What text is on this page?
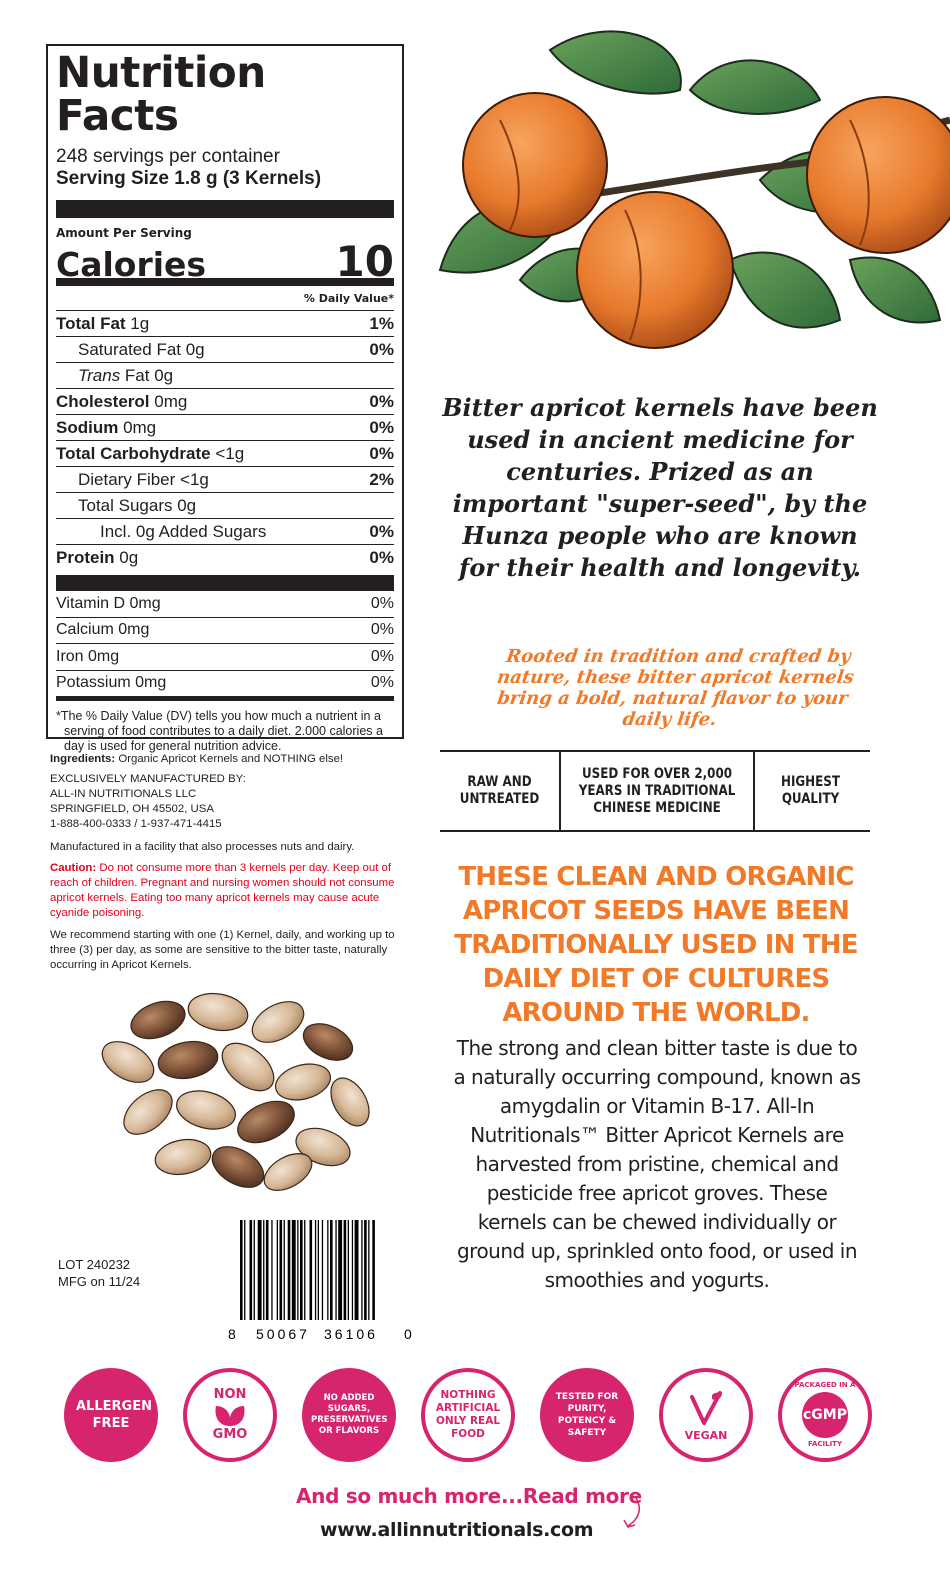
Nutrition Facts
248 servings per container
Serving Size 1.8 g (3 Kernels)
Amount Per Serving
Calories	10
% Daily Value*
Total Fat 1g	1%
Saturated Fat 0g	0%
Trans Fat 0g
Cholesterol 0mg	0%
Sodium 0mg	0%
Total Carbohydrate <1g	0%
Dietary Fiber <1g	2%
Total Sugars 0g
Incl. 0g Added Sugars	0%
Protein 0g	0%
Vitamin D 0mg	0%
Calcium 0mg	0%
Iron 0mg	0%
Potassium 0mg	0%
*The % Daily Value (DV) tells you how much a nutrient in a serving of food contributes to a daily diet. 2.000 calories a day is used for general nutrition advice.
Ingredients: Organic Apricot Kernels and NOTHING else!
EXCLUSIVELY MANUFACTURED BY:
ALL-IN NUTRITIONALS LLC
SPRINGFIELD, OH 45502, USA
1-888-400-0333 / 1-937-471-4415
Manufactured in a facility that also processes nuts and dairy.
Caution: Do not consume more than 3 kernels per day. Keep out of reach of children. Pregnant and nursing women should not consume apricot kernels. Eating too many apricot kernels may cause acute cyanide poisoning.
We recommend starting with one (1) Kernel, daily, and working up to three (3) per day, as some are sensitive to the bitter taste, naturally occurring in Apricot Kernels.
LOT 240232
MFG on 11/24
8 50067 36106 0
Bitter apricot kernels have been used in ancient medicine for centuries. Prized as an important "super-seed", by the Hunza people who are known for their health and longevity.
Rooted in tradition and crafted by nature, these bitter apricot kernels bring a bold, natural flavor to your daily life.
RAW AND UNTREATED
USED FOR OVER 2,000 YEARS IN TRADITIONAL CHINESE MEDICINE
HIGHEST QUALITY
THESE CLEAN AND ORGANIC APRICOT SEEDS HAVE BEEN TRADITIONALLY USED IN THE DAILY DIET OF CULTURES AROUND THE WORLD.
The strong and clean bitter taste is due to a naturally occurring compound, known as amygdalin or Vitamin B-17. All-In Nutritionals™ Bitter Apricot Kernels are harvested from pristine, chemical and pesticide free apricot groves. These kernels can be chewed individually or ground up, sprinkled onto food, or used in smoothies and yogurts.
ALLERGEN FREE
NON
GMO
NO ADDED SUGARS, PRESERVATIVES OR FLAVORS
NOTHING ARTIFICIAL ONLY REAL FOOD
TESTED FOR PURITY, POTENCY & SAFETY	VEGAN
PACKAGED IN A
cGMP
FACILITY
And so much more...Read more
www.allinnutritionals.com
